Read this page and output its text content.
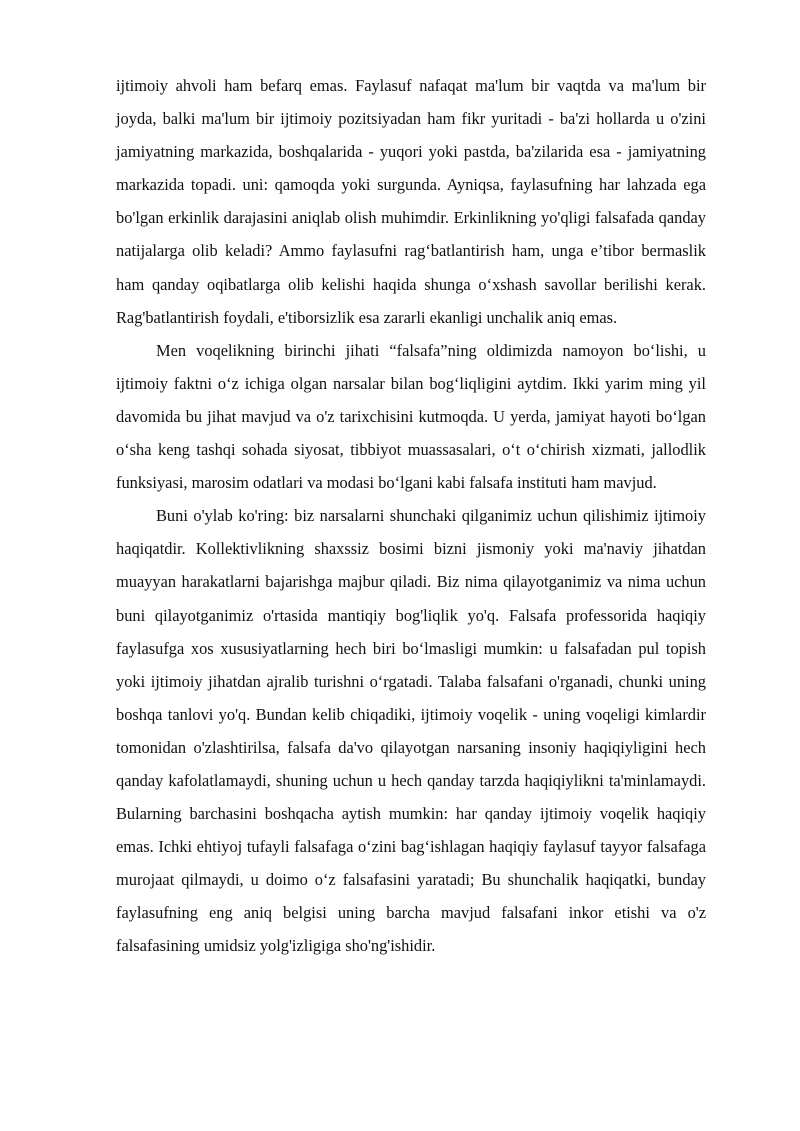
ijtimoiy ahvoli ham befarq emas. Faylasuf nafaqat ma'lum bir vaqtda va ma'lum bir joyda, balki ma'lum bir ijtimoiy pozitsiyadan ham fikr yuritadi - ba'zi hollarda u o'zini jamiyatning markazida, boshqalarida - yuqori yoki pastda, ba'zilarida esa - jamiyatning markazida topadi. uni: qamoqda yoki surgunda. Ayniqsa, faylasufning har lahzada ega bo'lgan erkinlik darajasini aniqlab olish muhimdir. Erkinlikning yo'qligi falsafada qanday natijalarga olib keladi? Ammo faylasufni rag‘batlantirish ham, unga e’tibor bermaslik ham qanday oqibatlarga olib kelishi haqida shunga o‘xshash savollar berilishi kerak. Rag'batlantirish foydali, e'tiborsizlik esa zararli ekanligi unchalik aniq emas.

Men voqelikning birinchi jihati “falsafa”ning oldimizda namoyon bo‘lishi, u ijtimoiy faktni o‘z ichiga olgan narsalar bilan bog‘liqligini aytdim. Ikki yarim ming yil davomida bu jihat mavjud va o'z tarixchisini kutmoqda. U yerda, jamiyat hayoti bo‘lgan o‘sha keng tashqi sohada siyosat, tibbiyot muassasalari, o‘t o‘chirish xizmati, jallodlik funksiyasi, marosim odatlari va modasi bo‘lgani kabi falsafa instituti ham mavjud.

Buni o'ylab ko'ring: biz narsalarni shunchaki qilganimiz uchun qilishimiz ijtimoiy haqiqatdir. Kollektivlikning shaxssiz bosimi bizni jismoniy yoki ma'naviy jihatdan muayyan harakatlarni bajarishga majbur qiladi. Biz nima qilayotganimiz va nima uchun buni qilayotganimiz o'rtasida mantiqiy bog'liqlik yo'q. Falsafa professorida haqiqiy faylasufga xos xususiyatlarning hech biri bo‘lmasligi mumkin: u falsafadan pul topish yoki ijtimoiy jihatdan ajralib turishni o‘rgatadi. Talaba falsafani o'rganadi, chunki uning boshqa tanlovi yo'q. Bundan kelib chiqadiki, ijtimoiy voqelik - uning voqeligi kimlardir tomonidan o'zlashtirilsa, falsafa da'vo qilayotgan narsaning insoniy haqiqiyligini hech qanday kafolatlamaydi, shuning uchun u hech qanday tarzda haqiqiylikni ta'minlamaydi. Bularning barchasini boshqacha aytish mumkin: har qanday ijtimoiy voqelik haqiqiy emas. Ichki ehtiyoj tufayli falsafaga o‘zini bag‘ishlagan haqiqiy faylasuf tayyor falsafaga murojaat qilmaydi, u doimo o‘z falsafasini yaratadi; Bu shunchalik haqiqatki, bunday faylasufning eng aniq belgisi uning barcha mavjud falsafani inkor etishi va o'z falsafasining umidsiz yolg'izligiga sho'ng'ishidir.
